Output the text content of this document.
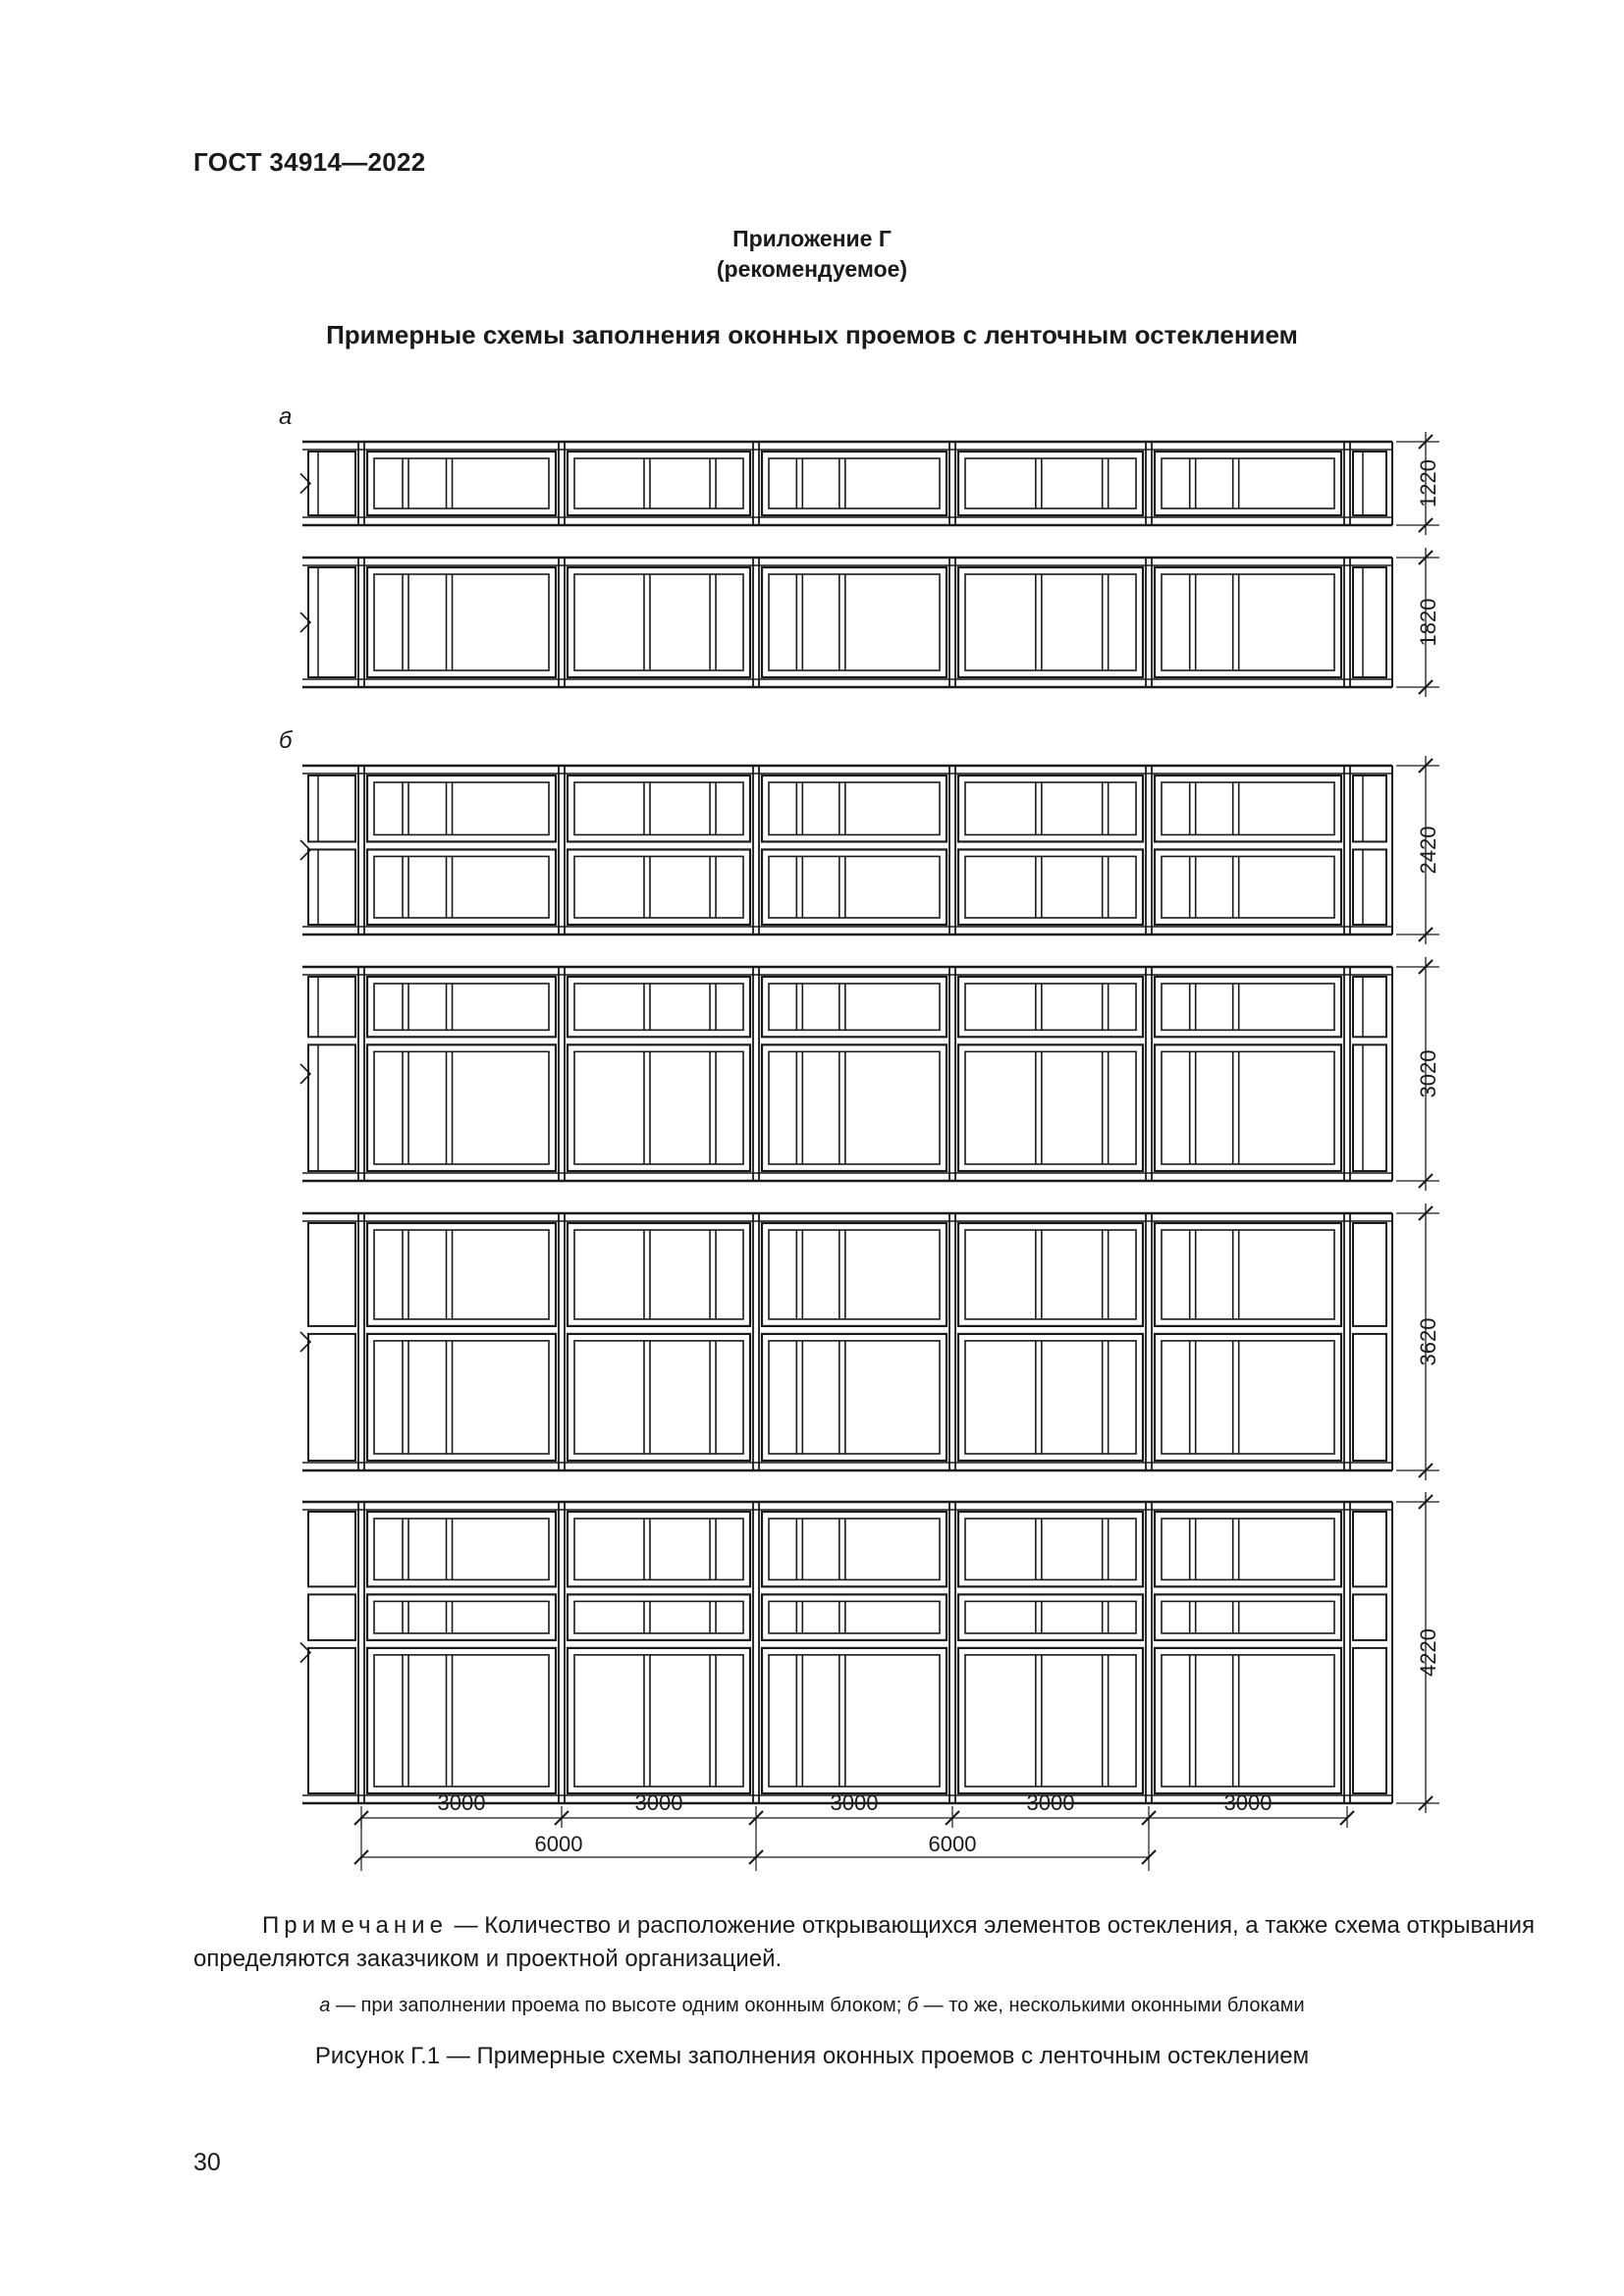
ГОСТ 34914—2022
Приложение Г
(рекомендуемое)
Примерные схемы заполнения оконных проемов с ленточным остеклением
а
б
1220
1820
2420
3020
3620
4220
3000	3000	3000	3000	3000
6000	6000
Примечание — Количество и расположение открывающихся элементов остекления, а также схема открывания определяются заказчиком и проектной организацией.
а — при заполнении проема по высоте одним оконным блоком; б — то же, несколькими оконными блоками
Рисунок Г.1 — Примерные схемы заполнения оконных проемов с ленточным остеклением
30
